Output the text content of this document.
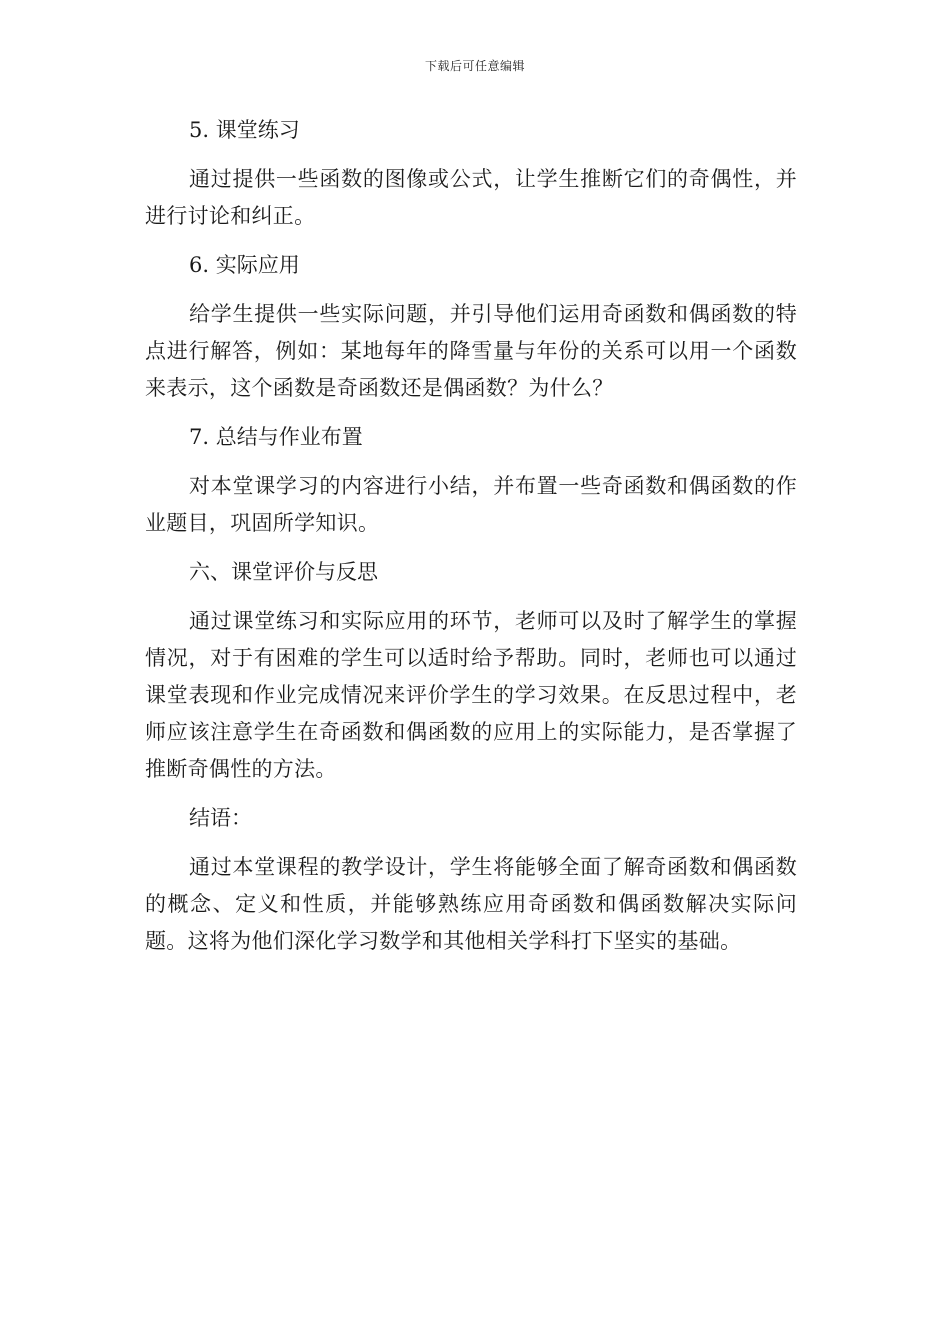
下载后可任意编辑
5. 课堂练习
通过提供一些函数的图像或公式，让学生推断它们的奇偶性，并进行讨论和纠正。
6. 实际应用
给学生提供一些实际问题，并引导他们运用奇函数和偶函数的特点进行解答，例如：某地每年的降雪量与年份的关系可以用一个函数来表示，这个函数是奇函数还是偶函数？为什么？
7. 总结与作业布置
对本堂课学习的内容进行小结，并布置一些奇函数和偶函数的作业题目，巩固所学知识。
六、课堂评价与反思
通过课堂练习和实际应用的环节，老师可以及时了解学生的掌握情况，对于有困难的学生可以适时给予帮助。同时，老师也可以通过课堂表现和作业完成情况来评价学生的学习效果。在反思过程中，老师应该注意学生在奇函数和偶函数的应用上的实际能力，是否掌握了推断奇偶性的方法。
结语：
通过本堂课程的教学设计，学生将能够全面了解奇函数和偶函数的概念、定义和性质，并能够熟练应用奇函数和偶函数解决实际问题。这将为他们深化学习数学和其他相关学科打下坚实的基础。
